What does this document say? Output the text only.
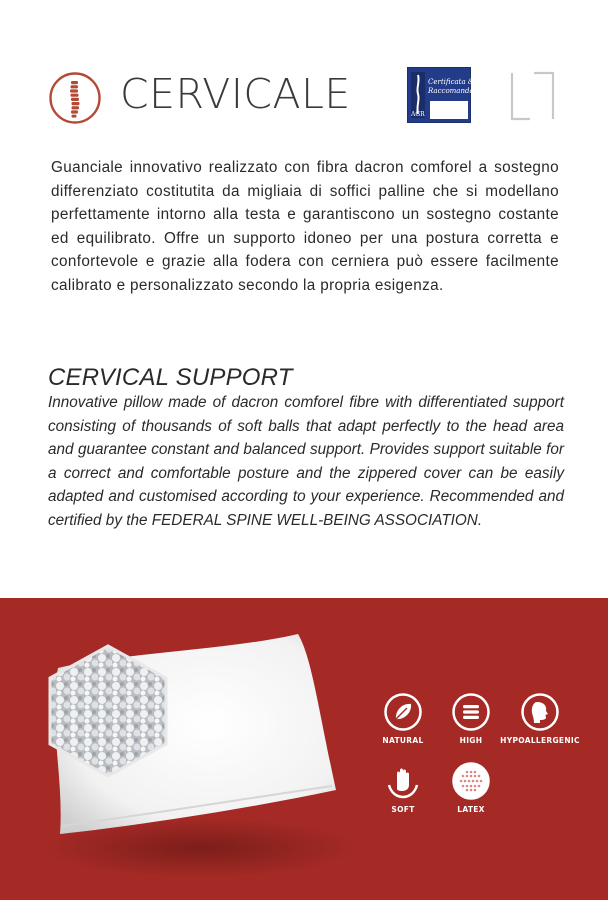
CERVICALE	Certificata &
Raccomandata
AGR
Guanciale innovativo realizzato con fibra dacron comforel a sostegno differenziato costitutita da migliaia di soffici palline che si modellano perfettamente intorno alla testa e garantiscono un sostegno costante ed equilibrato. Offre un supporto idoneo per una postura corretta e confortevole e grazie alla fodera con cerniera può essere facilmente calibrato e personalizzato secondo la propria esigenza.
CERVICAL SUPPORT
Innovative pillow made of dacron comforel fibre with differentiated support consisting of thousands of soft balls that adapt perfectly to the head area and guarantee constant and balanced support. Provides support suitable for a correct and comfortable posture and the zippered cover can be easily adapted and customised according to your experience. Recommended and certified by the FEDERAL SPINE WELL-BEING ASSOCIATION.
NATURAL	HIGH	HYPOALLERGENIC
SOFT	LATEX
